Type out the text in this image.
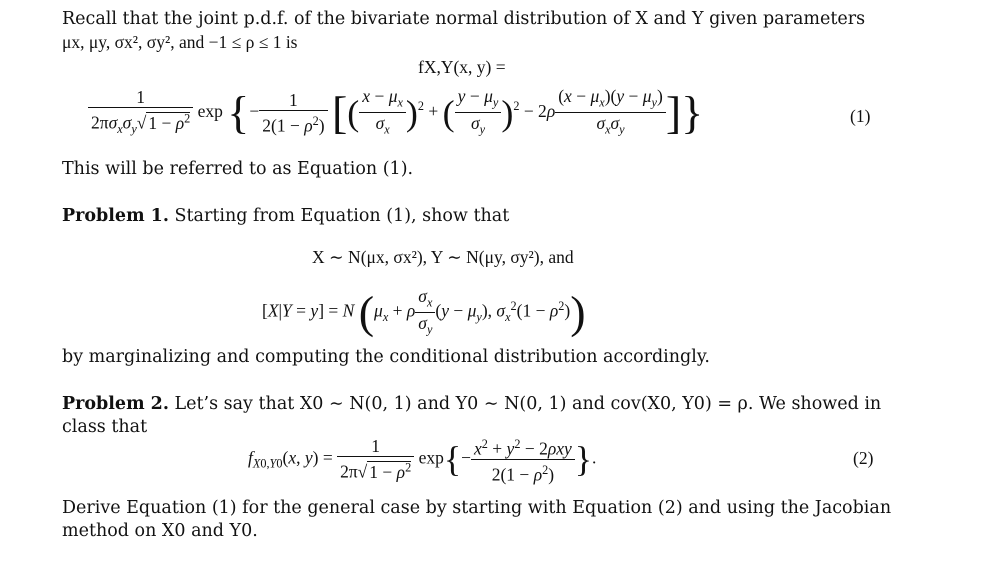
Recall that the joint p.d.f. of the bivariate normal distribution of X and Y given parameters
μx, μy, σx², σy², and −1 ≤ ρ ≤ 1 is
fX,Y(x, y) =
$\frac{1}{2\pi\sigma_x\sigma_y√ 1 - \rho^2}$ exp {− $\frac{1}{2(1 - \rho^2)}$ [( $\frac{x - \mu_x}{\sigma_x} )^2$ + ( $\frac{y - \mu_y}{\sigma_y} )^2 - 2\rho \frac{(x - \mu_x)(y - \mu_y)}{\sigma_x\sigma_y}$ ]}	(1)
This will be referred to as Equation (1).
Problem 1. Starting from Equation (1), show that
X ∼ N(μx, σx²), Y ∼ N(μy, σy²), and
[X|Y = y] = N ($\mu_x + \rho \frac{\sigma_x}{\sigma_y} (y - \mu_y)$, $\sigma_x^2(1 - \rho^2)$)
by marginalizing and computing the conditional distribution accordingly.
Problem 2. Let’s say that X0 ∼ N(0, 1) and Y0 ∼ N(0, 1) and cov(X0, Y0) = ρ. We showed in
class that
$f_{X0,Y0}(x$, $y) = \frac{1}{2\pi√ 1 - \rho^2} \exp\{- \frac{x^2 + y^2 - 2\rho xy}{2(1 - \rho^2)}$ }.	(2)
Derive Equation (1) for the general case by starting with Equation (2) and using the Jacobian
method on X0 and Y0.
